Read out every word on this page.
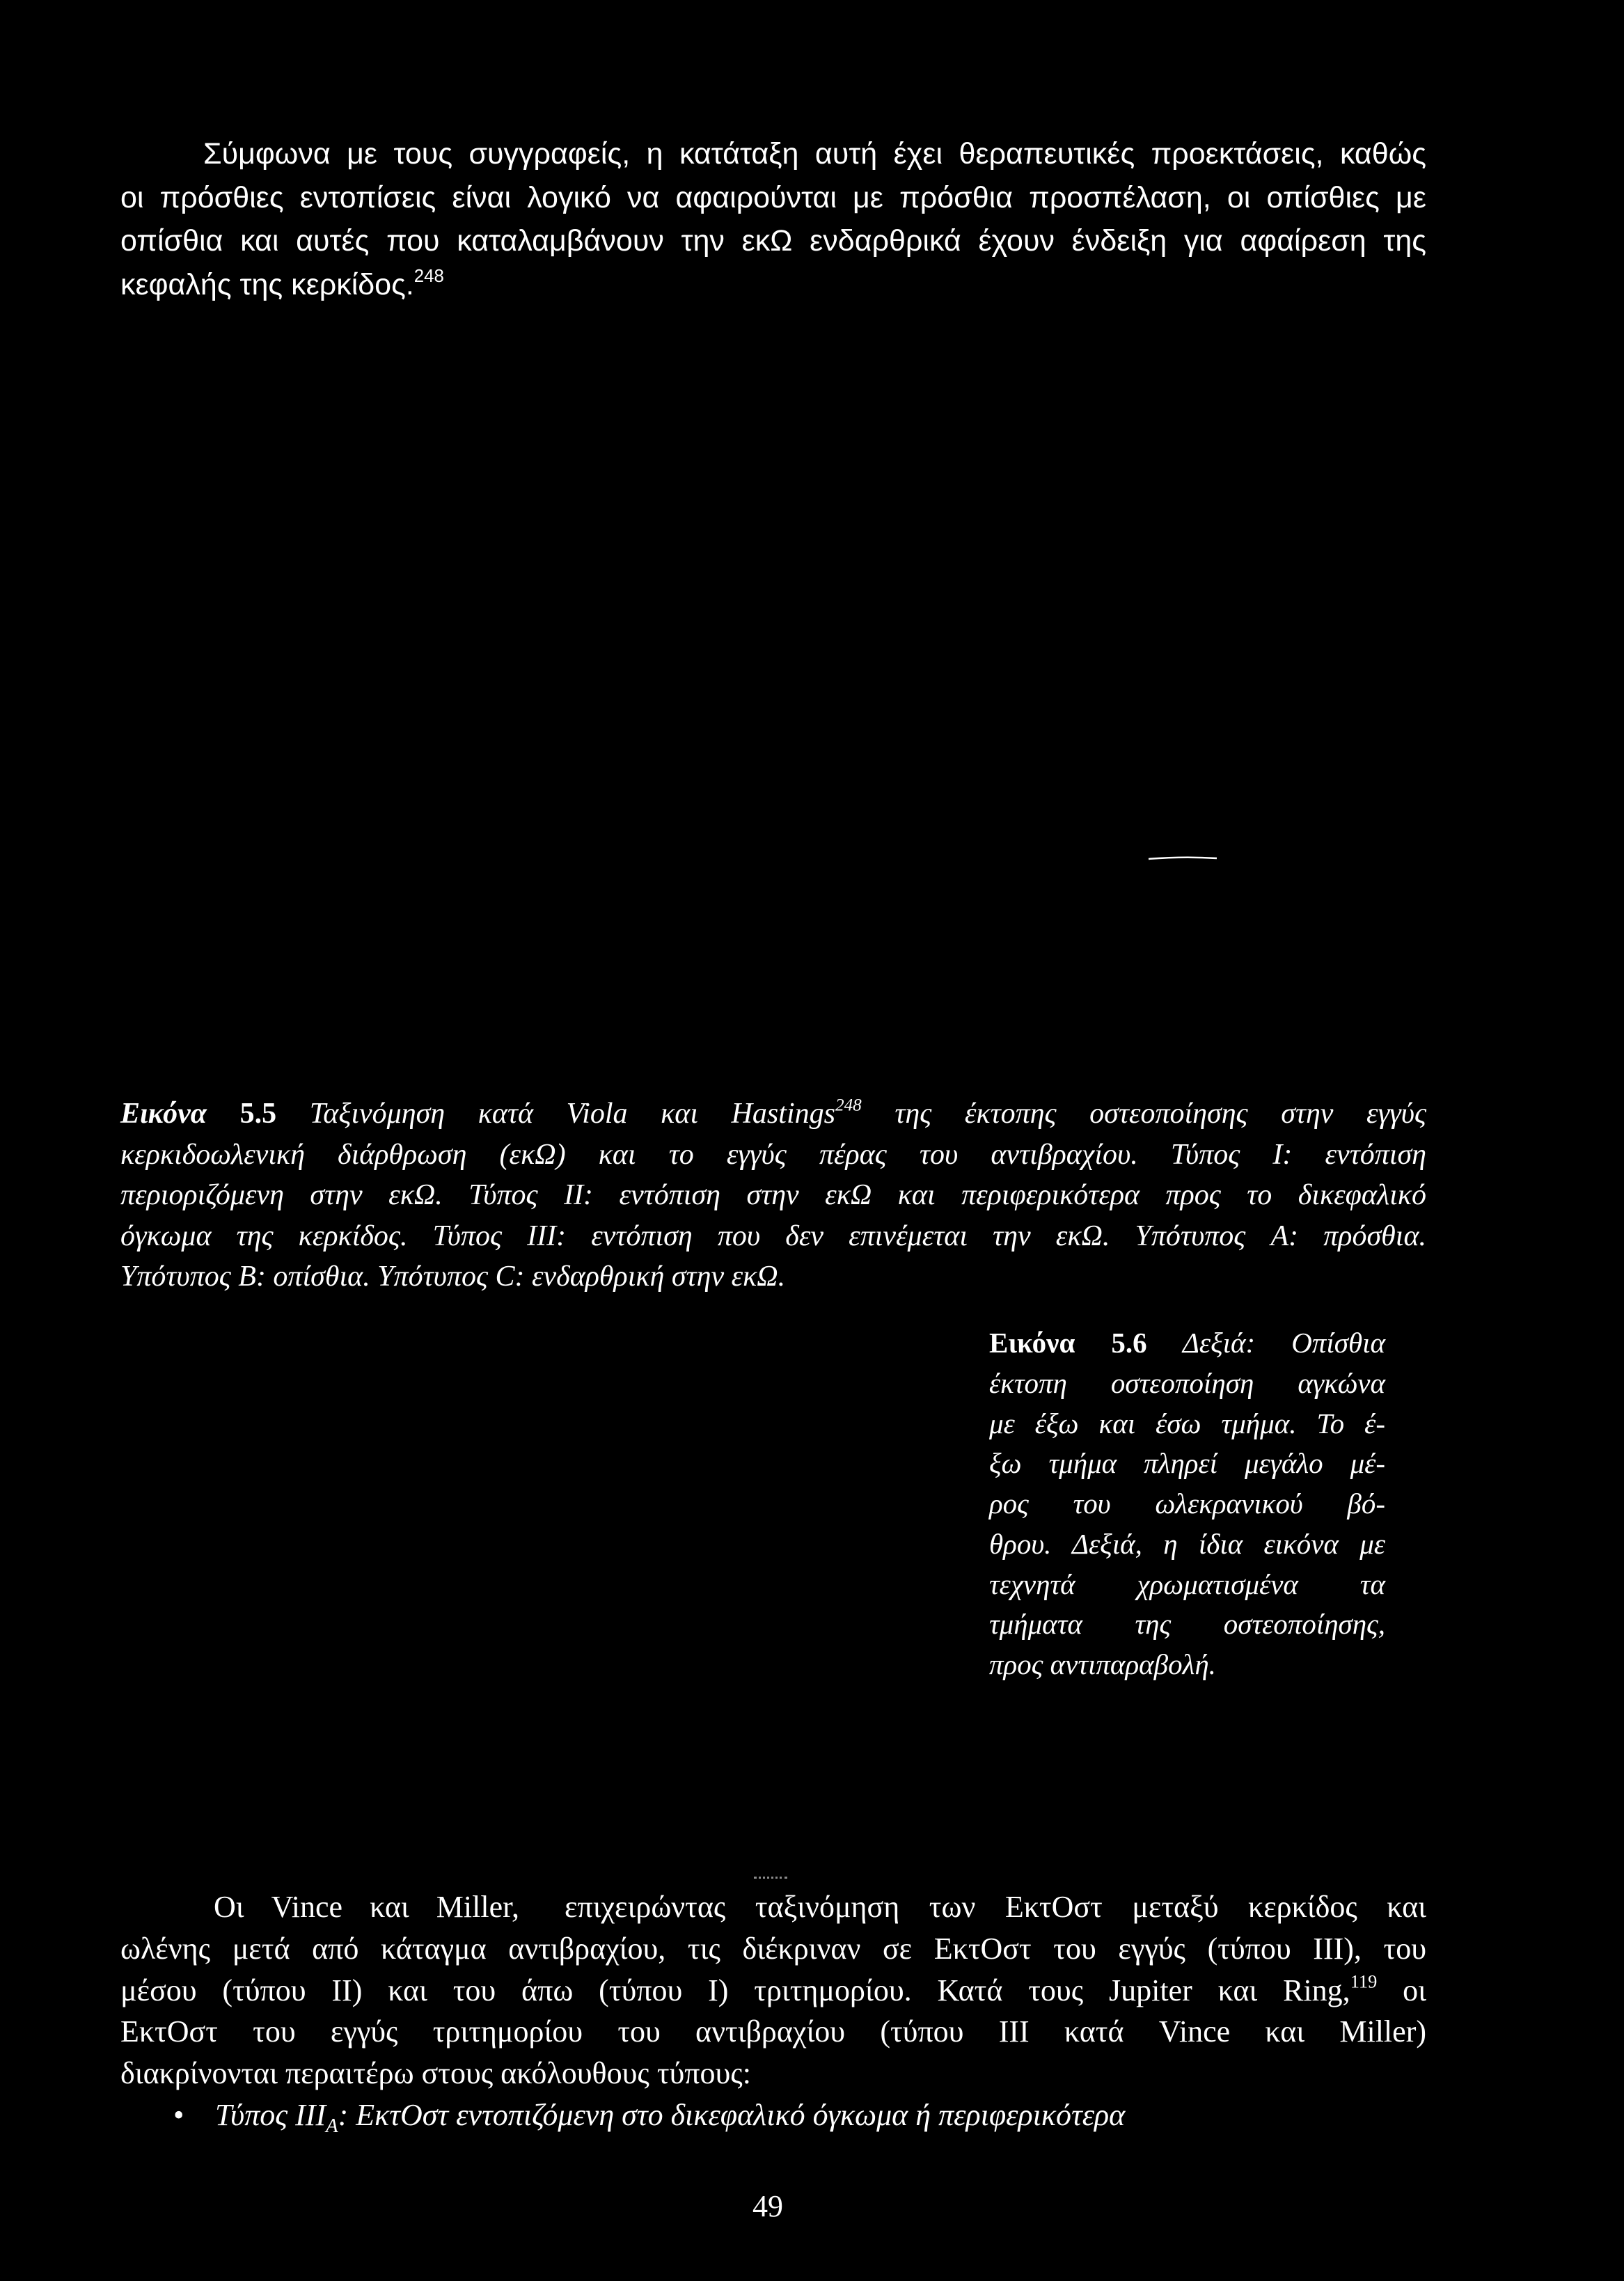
Σύμφωνα με τους συγγραφείς, η κατάταξη αυτή έχει θεραπευτικές προεκτάσεις, καθώς
οι πρόσθιες εντοπίσεις είναι λογικό να αφαιρούνται με πρόσθια προσπέλαση, οι οπίσθιες με
οπίσθια και αυτές που καταλαμβάνουν την εκΩ ενδαρθρικά έχουν ένδειξη για αφαίρεση της
κεφαλής της κερκίδος.$^{248}$
Εικόνα 5.5 Ταξινόμηση κατά Viola και Hastings$^{248}$ της έκτοπης οστεοποίησης στην εγγύς
κερκιδοωλενική διάρθρωση (εκΩ) και το εγγύς πέρας του αντιβραχίου. Τύπος I: εντόπιση
περιοριζόμενη στην εκΩ. Τύπος II: εντόπιση στην εκΩ και περιφερικότερα προς το δικεφαλικό
όγκωμα της κερκίδος. Τύπος III: εντόπιση που δεν επινέμεται την εκΩ. Υπότυπος A: πρόσθια.
Υπότυπος B: οπίσθια. Υπότυπος C: ενδαρθρική στην εκΩ.
Εικόνα 5.6 Δεξιά: Οπίσθια
έκτοπη οστεοποίηση αγκώνα
με έξω και έσω τμήμα. Το έ-
ξω τμήμα πληρεί μεγάλο μέ-
ρος του ωλεκρανικού βό-
θρου. Δεξιά, η ίδια εικόνα με
τεχνητά χρωματισμένα τα
τμήματα της οστεοποίησης,
προς αντιπαραβολή.
Οι Vince και Miller, επιχειρώντας ταξινόμηση των ΕκτΟστ μεταξύ κερκίδος και
ωλένης μετά από κάταγμα αντιβραχίου, τις διέκριναν σε ΕκτΟστ του εγγύς (τύπου III), του
μέσου (τύπου II) και του άπω (τύπου I) τριτημορίου. Κατά τους Jupiter και Ring,$^{119}$ οι
ΕκτΟστ του εγγύς τριτημορίου του αντιβραχίου (τύπου III κατά Vince και Miller)
διακρίνονται περαιτέρω στους ακόλουθους τύπους:
• Τύπος $III_A$: ΕκτΟστ εντοπιζόμενη στο δικεφαλικό όγκωμα ή περιφερικότερα
49
